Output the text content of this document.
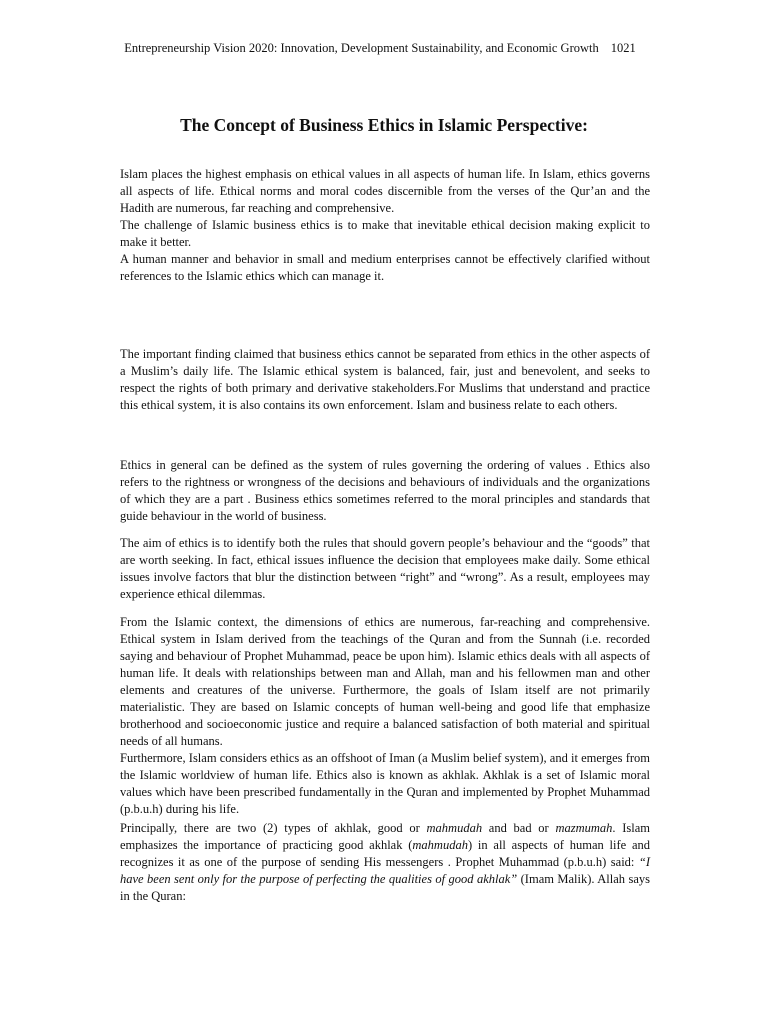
Entrepreneurship Vision 2020: Innovation, Development Sustainability, and Economic Growth 1021
The Concept of Business Ethics in Islamic Perspective:

Islam places the highest emphasis on ethical values in all aspects of human life. In Islam, ethics governs all aspects of life. Ethical norms and moral codes discernible from the verses of the Qur’an and the Hadith are numerous, far reaching and comprehensive.

The challenge of Islamic business ethics is to make that inevitable ethical decision making explicit to make it better.

A human manner and behavior in small and medium enterprises cannot be effectively clarified without references to the Islamic ethics which can manage it.

The important finding claimed that business ethics cannot be separated from ethics in the other aspects of a Muslim’s daily life. The Islamic ethical system is balanced, fair, just and benevolent, and seeks to respect the rights of both primary and derivative stakeholders.For Muslims that understand and practice this ethical system, it is also contains its own enforcement. Islam and business relate to each others.

Ethics in general can be defined as the system of rules governing the ordering of values . Ethics also refers to the rightness or wrongness of the decisions and behaviours of individuals and the organizations of which they are a part . Business ethics sometimes referred to the moral principles and standards that guide behaviour in the world of business.

The aim of ethics is to identify both the rules that should govern people’s behaviour and the “goods” that are worth seeking. In fact, ethical issues influence the decision that employees make daily. Some ethical issues involve factors that blur the distinction between “right” and “wrong”. As a result, employees may experience ethical dilemmas.

From the Islamic context, the dimensions of ethics are numerous, far-reaching and comprehensive. Ethical system in Islam derived from the teachings of the Quran and from the Sunnah (i.e. recorded saying and behaviour of Prophet Muhammad, peace be upon him). Islamic ethics deals with all aspects of human life. It deals with relationships between man and Allah, man and his fellowmen man and other elements and creatures of the universe. Furthermore, the goals of Islam itself are not primarily materialistic. They are based on Islamic concepts of human well-being and good life that emphasize brotherhood and socioeconomic justice and require a balanced satisfaction of both material and spiritual needs of all humans.

Furthermore, Islam considers ethics as an offshoot of Iman (a Muslim belief system), and it emerges from the Islamic worldview of human life. Ethics also is known as akhlak. Akhlak is a set of Islamic moral values which have been prescribed fundamentally in the Quran and implemented by Prophet Muhammad (p.b.u.h) during his life.

Principally, there are two (2) types of akhlak, good or mahmudah and bad or mazmumah. Islam emphasizes the importance of practicing good akhlak (mahmudah) in all aspects of human life and recognizes it as one of the purpose of sending His messengers . Prophet Muhammad (p.b.u.h) said: “I have been sent only for the purpose of perfecting the qualities of good akhlak” (Imam Malik). Allah says in the Quran:
